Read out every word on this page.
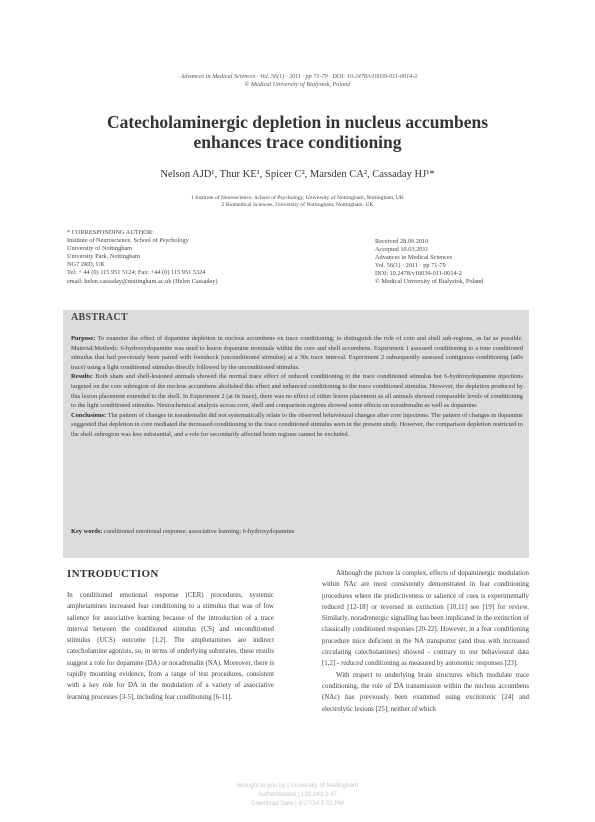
· Advances in Medical Sciences · Vol. 56(1) · 2011 · pp 71-79 · DOI: 10.2478/v10039-011-0014-2
© Medical University of Bialystok, Poland
Catecholaminergic depletion in nucleus accumbens
enhances trace conditioning
Nelson AJD¹, Thur KE¹, Spicer C², Marsden CA², Cassaday HJ¹*
1 Institute of Neuroscience, School of Psychology, University of Nottingham, Nottingham, UK
2 Biomedical Sciences, University of Nottingham, Nottingham, UK
* CORRESPONDING AUTHOR:
Institute of Neuroscience, School of Psychology
University of Nottingham
University Park, Nottingham
NG7 2RD, UK
Tel: + 44 (0) 115 951 5124; Fax: +44 (0) 115 951 5324
email: helen.cassaday@nottingham.ac.uk (Helen Cassaday)
Received 28.09.2010
Accepted 10.03.2011
Advances in Medical Sciences
Vol. 56(1) · 2011 · pp 71-79
DOI: 10.2478/v10039-011-0014-2
© Medical University of Bialystok, Poland
ABSTRACT

Purpose: To examine the effect of dopamine depletion in nucleus accumbens on trace conditioning; to distinguish the role of core and shell sub-regions, as far as possible. Material/Methods: 6-hydroxydopamine was used to lesion dopamine terminals within the core and shell accumbens. Experiment 1 assessed conditioning to a tone conditioned stimulus that had previously been paired with footshock (unconditioned stimulus) at a 30s trace interval. Experiment 2 subsequently assessed contiguous conditioning (at0s trace) using a light conditioned stimulus directly followed by the unconditioned stimulus.

Results: Both sham and shell-lesioned animals showed the normal trace effect of reduced conditioning to the trace conditioned stimulus but 6-hydroxydopamine injections targeted on the core subregion of the nucleus accumbens abolished this effect and enhanced conditioning to the trace conditioned stimulus. However, the depletion produced by this lesion placement extended to the shell. In Experiment 2 (at 0s trace), there was no effect of either lesion placement as all animals showed comparable levels of conditioning to the light conditioned stimulus. Neurochemical analysis across core, shell and comparison regions showed some effects on noradrenalin as well as dopamine.

Conclusions: The pattern of changes in noradrenalin did not systematically relate to the observed behavioural changes after core injections. The pattern of changes in dopamine suggested that depletion in core mediated the increased conditioning to the trace conditioned stimulus seen in the present study. However, the comparison depletion restricted to the shell subregion was less substantial, and a role for secondarily affected brain regions cannot be excluded.

Key words: conditioned emotional response; associative learning; 6-hydroxydopamine
INTRODUCTION

In conditioned emotional response (CER) procedures, systemic amphetamines increased fear conditioning to a stimulus that was of low salience for associative learning because of the introduction of a trace interval between the conditioned stimulus (CS) and unconditioned stimulus (UCS) outcome [1,2]. The amphetamines are indirect catecholamine agonists, so, in terms of underlying substrates, these results suggest a role for dopamine (DA) or noradrenalin (NA). Moreover, there is rapidly mounting evidence, from a range of test procedures, consistent with a key role for DA in the modulation of a variety of associative learning processes [3-5], including fear conditioning [6-11].

Although the picture is complex, effects of dopaminergic modulation within NAc are most consistently demonstrated in fear conditioning procedures where the predictiveness or salience of cues is experimentally reduced [12-18] or reversed in extinction [10,11] see [19] for review. Similarly, noradrenergic signalling has been implicated in the extinction of classically conditioned responses [20-22]. However, in a fear conditioning procedure mice deficient in the NA transporter (and thus with increased circulating catecholamines) showed - contrary to our behavioural data [1,2] - reduced conditioning as measured by autonomic responses [23].

With respect to underlying brain structures which modulate trace conditioning, the role of DA transmission within the nucleus accumbens (NAc) has previously been examined using excitotoxic [24] and electrolytic lesions [25]; neither of which

Brought to you by | University of Nottingham
Authenticated | 128.243.2.47
Download Date | 8/27/14 5:01 PM
